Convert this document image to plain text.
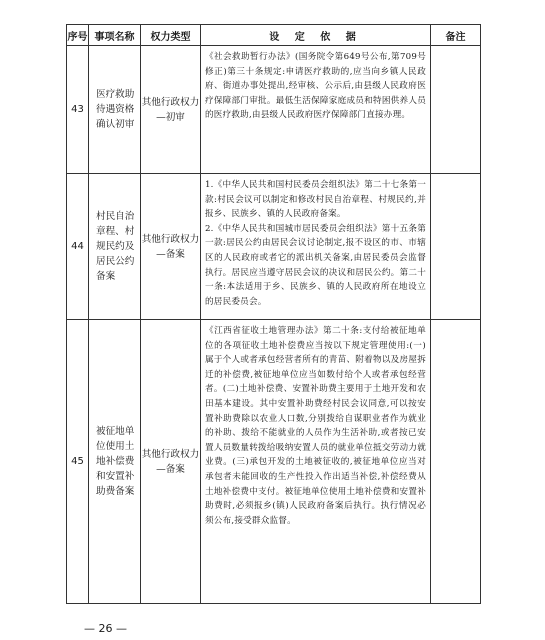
序号	事项名称	权力类型	设 定 依 据	备注
43	医疗救助待遇资格确认初审	其他行政权力—初审	《社会救助暂行办法》(国务院令第649号公布,第709号修正)第三十条规定:申请医疗救助的,应当向乡镇人民政府、街道办事处提出,经审核、公示后,由县级人民政府医疗保障部门审批。最低生活保障家庭成员和特困供养人员的医疗救助,由县级人民政府医疗保障部门直接办理。	

44	村民自治章程、村规民约及居民公约备案	其他行政权力—备案	1.《中华人民共和国村民委员会组织法》第二十七条第一款:村民会议可以制定和修改村民自治章程、村规民约,并报乡、民族乡、镇的人民政府备案。
2.《中华人民共和国城市居民委员会组织法》第十五条第一款:居民公约由居民会议讨论制定,报不设区的市、市辖区的人民政府或者它的派出机关备案,由居民委员会监督执行。居民应当遵守居民会议的决议和居民公约。第二十一条:本法适用于乡、民族乡、镇的人民政府所在地设立的居民委员会。	

45	被征地单位使用土地补偿费和安置补助费备案	其他行政权力—备案	《江西省征收土地管理办法》第二十条:支付给被征地单位的各项征收土地补偿费应当按以下规定管理使用:(一)属于个人或者承包经营者所有的青苗、附着物以及房屋拆迁的补偿费,被征地单位应当如数付给个人或者承包经营者。(二)土地补偿费、安置补助费主要用于土地开发和农田基本建设。其中安置补助费经村民会议同意,可以按安置补助费除以农业人口数,分别拨给自谋职业者作为就业的补助、拨给不能就业的人员作为生活补助,或者按已安置人员数量转拨给吸纳安置人员的就业单位抵交劳动力就业费。(三)承包开发的土地被征收的,被征地单位应当对承包者未能回收的生产性投入作出适当补偿,补偿经费从土地补偿费中支付。被征地单位使用土地补偿费和安置补助费时,必须报乡(镇)人民政府备案后执行。执行情况必须公布,接受群众监督。	

— 26 —
